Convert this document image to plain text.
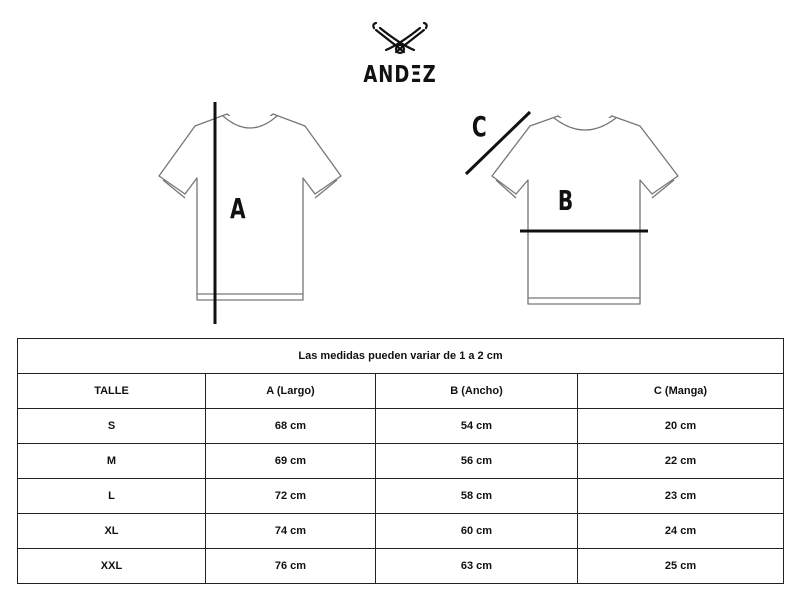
ANDΞZ
A
C
B
Las medidas pueden variar de 1 a 2 cm			
TALLE	A (Largo)	B (Ancho)	C (Manga)
S	68 cm	54 cm	20 cm
M	69 cm	56 cm	22 cm
L	72 cm	58 cm	23 cm
XL	74 cm	60 cm	24 cm
XXL	76 cm	63 cm	25 cm
